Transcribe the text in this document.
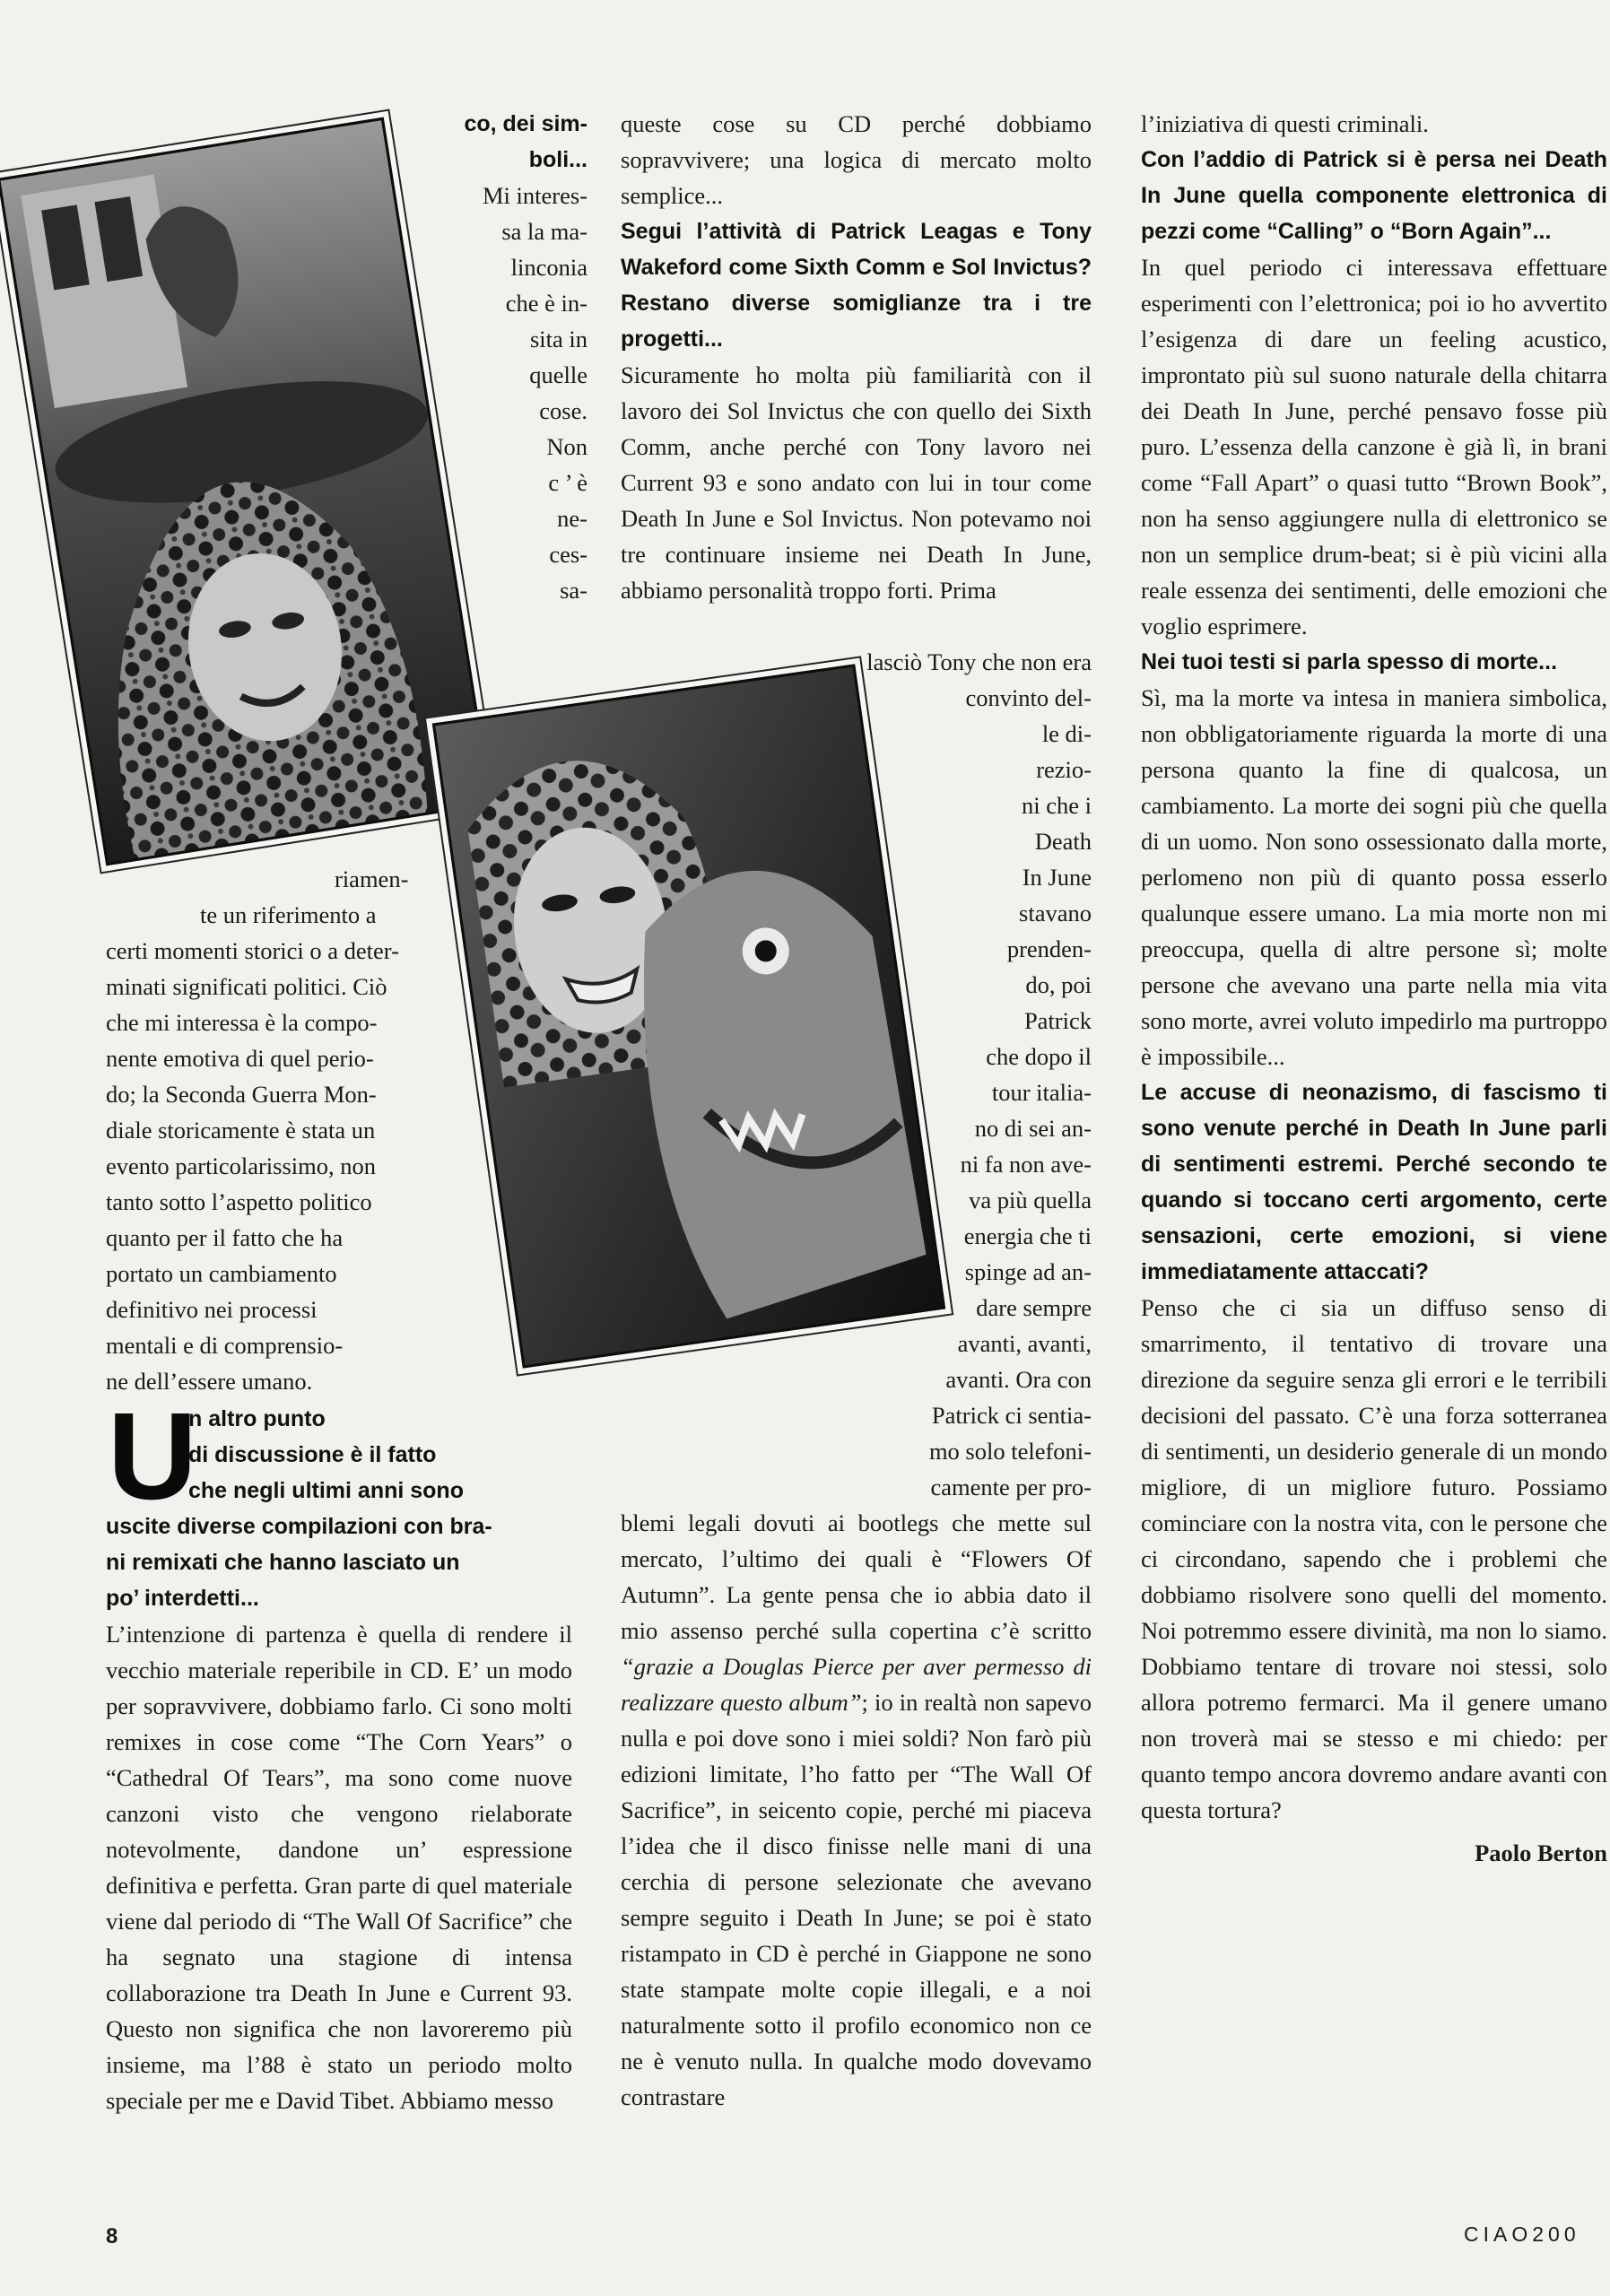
co, dei sim-
boli...
Mi interes-
sa la ma-
linconia
che è in-
sita in
quelle
cose.
Non
c ’ è
ne-
ces-
sa-
riamen-
te un riferimento a
certi momenti storici o a deter-
minati significati politici. Ciò
che mi interessa è la compo-
nente emotiva di quel perio-
do; la Seconda Guerra Mon-
diale storicamente è stata un
evento particolarissimo, non
tanto sotto l’aspetto politico
quanto per il fatto che ha
portato un cambiamento
definitivo nei processi
mentali e di comprensio-
ne dell’essere umano.
U
n altro punto
di discussione è il fatto
che negli ultimi anni sono
uscite diverse compilazioni con bra-
ni remixati che hanno lasciato un
po’ interdetti...

L’intenzione di partenza è quella di rendere il vecchio materiale reperibile in CD. E’ un modo per sopravvivere, dobbiamo farlo. Ci sono molti remixes in cose come “The Corn Years” o “Cathedral Of Tears”, ma sono come nuove canzoni visto che vengono rielaborate notevolmente, dandone un’ espressione definitiva e perfetta. Gran parte di quel materiale viene dal periodo di “The Wall Of Sacrifice” che ha segnato una stagione di intensa collaborazione tra Death In June e Current 93. Questo non significa che non lavoreremo più insieme, ma l’88 è stato un periodo molto speciale per me e David Tibet. Abbiamo messo

queste cose su CD perché dobbiamo sopravvivere; una logica di mercato molto semplice...

Segui l’attività di Patrick Leagas e Tony Wakeford come Sixth Comm e Sol Invictus? Restano diverse somiglianze tra i tre progetti...

Sicuramente ho molta più familiarità con il lavoro dei Sol Invictus che con quello dei Sixth Comm, anche perché con Tony lavoro nei Current 93 e sono andato con lui in tour come Death In June e Sol Invictus. Non potevamo noi tre continuare insieme nei Death In June, abbiamo personalità troppo forti. Prima

lasciò Tony che non era
convinto del-
le di-
rezio-
ni che i
Death
In June
stavano
prenden-
do, poi
Patrick
che dopo il
tour italia-
no di sei an-
ni fa non ave-
va più quella
energia che ti
spinge ad an-
dare sempre
avanti, avanti,
avanti. Ora con
Patrick ci sentia-
mo solo telefoni-
camente per pro-

blemi legali dovuti ai bootlegs che mette sul mercato, l’ultimo dei quali è “Flowers Of Autumn”. La gente pensa che io abbia dato il mio assenso perché sulla copertina c’è scritto “grazie a Douglas Pierce per aver permesso di realizzare questo album”; io in realtà non sapevo nulla e poi dove sono i miei soldi? Non farò più edizioni limitate, l’ho fatto per “The Wall Of Sacrifice”, in seicento copie, perché mi piaceva l’idea che il disco finisse nelle mani di una cerchia di persone selezionate che avevano sempre seguito i Death In June; se poi è stato ristampato in CD è perché in Giappone ne sono state stampate molte copie illegali, e a noi naturalmente sotto il profilo economico non ce ne è venuto nulla. In qualche modo dovevamo contrastare

l’iniziativa di questi criminali.

Con l’addio di Patrick si è persa nei Death In June quella componente elettronica di pezzi come “Calling” o “Born Again”...

In quel periodo ci interessava effettuare esperimenti con l’elettronica; poi io ho avvertito l’esigenza di dare un feeling acustico, improntato più sul suono naturale della chitarra dei Death In June, perché pensavo fosse più puro. L’essenza della canzone è già lì, in brani come “Fall Apart” o quasi tutto “Brown Book”, non ha senso aggiungere nulla di elettronico se non un semplice drum-beat; si è più vicini alla reale essenza dei sentimenti, delle emozioni che voglio esprimere.

Nei tuoi testi si parla spesso di morte...

Sì, ma la morte va intesa in maniera simbolica, non obbligatoriamente riguarda la morte di una persona quanto la fine di qualcosa, un cambiamento. La morte dei sogni più che quella di un uomo. Non sono ossessionato dalla morte, perlomeno non più di quanto possa esserlo qualunque essere umano. La mia morte non mi preoccupa, quella di altre persone sì; molte persone che avevano una parte nella mia vita sono morte, avrei voluto impedirlo ma purtroppo è impossibile...

Le accuse di neonazismo, di fascismo ti sono venute perché in Death In June parli di sentimenti estremi. Perché secondo te quando si toccano certi argomento, certe sensazioni, certe emozioni, si viene immediatamente attaccati?

Penso che ci sia un diffuso senso di smarrimento, il tentativo di trovare una direzione da seguire senza gli errori e le terribili decisioni del passato. C’è una forza sotterranea di sentimenti, un desiderio generale di un mondo migliore, di un migliore futuro. Possiamo cominciare con la nostra vita, con le persone che ci circondano, sapendo che i problemi che dobbiamo risolvere sono quelli del momento. Noi potremmo essere divinità, ma non lo siamo. Dobbiamo tentare di trovare noi stessi, solo allora potremo fermarci. Ma il genere umano non troverà mai se stesso e mi chiedo: per quanto tempo ancora dovremo andare avanti con questa tortura?

Paolo Berton

8	CIAO200
